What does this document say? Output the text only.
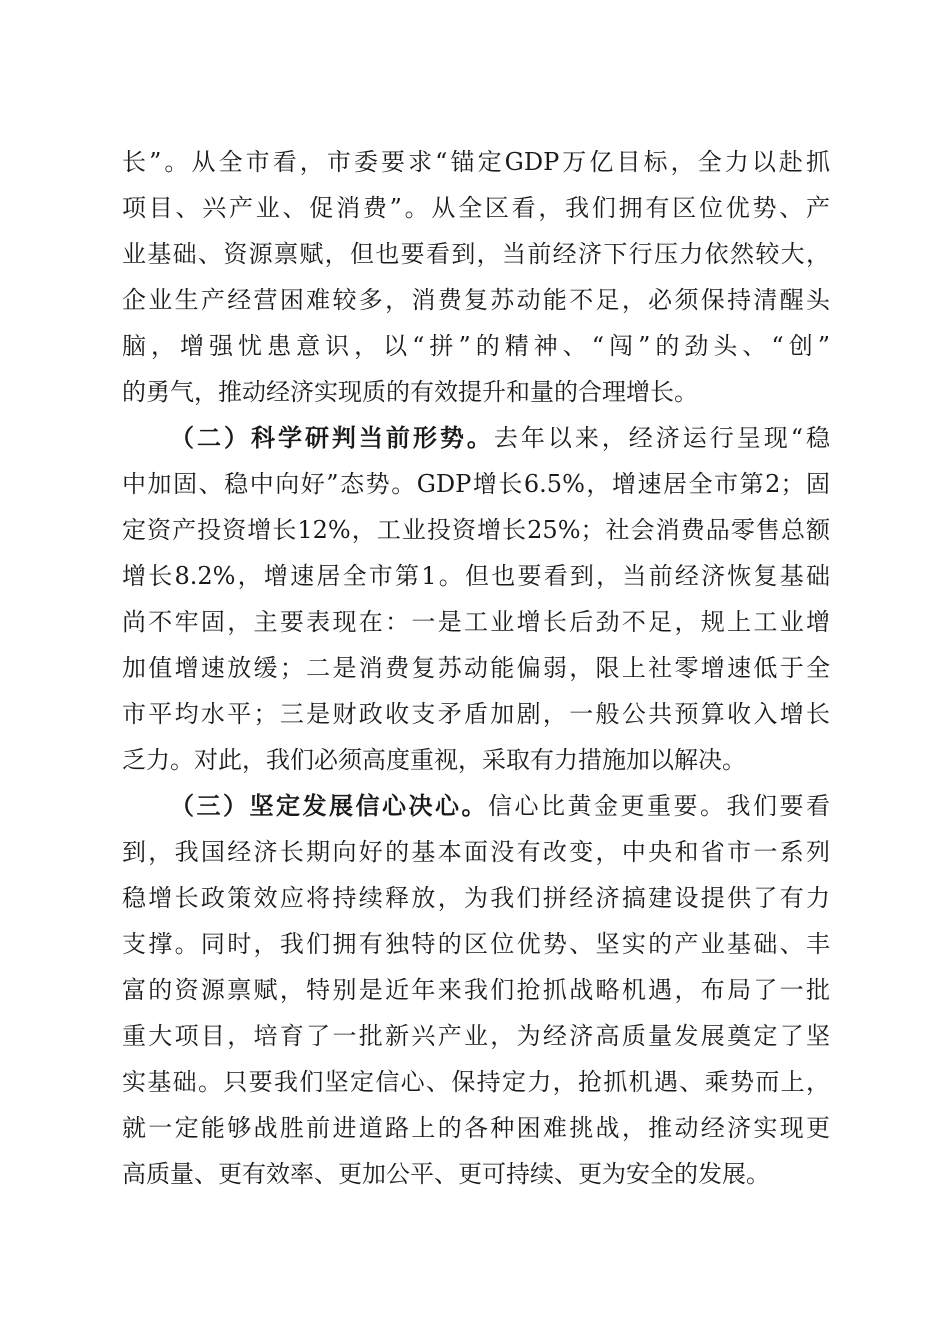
长”。从全市看，市委要求“锚定GDP万亿目标，全力以赴抓
项目、兴产业、促消费”。从全区看，我们拥有区位优势、产
业基础、资源禀赋，但也要看到，当前经济下行压力依然较大，
企业生产经营困难较多，消费复苏动能不足，必须保持清醒头
脑，增强忧患意识，以“拼”的精神、“闯”的劲头、“创”
的勇气，推动经济实现质的有效提升和量的合理增长。
（二）科学研判当前形势。去年以来，经济运行呈现“稳
中加固、稳中向好”态势。GDP增长6.5%，增速居全市第2；固
定资产投资增长12%，工业投资增长25%；社会消费品零售总额
增长8.2%，增速居全市第1。但也要看到，当前经济恢复基础
尚不牢固，主要表现在：一是工业增长后劲不足，规上工业增
加值增速放缓；二是消费复苏动能偏弱，限上社零增速低于全
市平均水平；三是财政收支矛盾加剧，一般公共预算收入增长
乏力。对此，我们必须高度重视，采取有力措施加以解决。
（三）坚定发展信心决心。信心比黄金更重要。我们要看
到，我国经济长期向好的基本面没有改变，中央和省市一系列
稳增长政策效应将持续释放，为我们拼经济搞建设提供了有力
支撑。同时，我们拥有独特的区位优势、坚实的产业基础、丰
富的资源禀赋，特别是近年来我们抢抓战略机遇，布局了一批
重大项目，培育了一批新兴产业，为经济高质量发展奠定了坚
实基础。只要我们坚定信心、保持定力，抢抓机遇、乘势而上，
就一定能够战胜前进道路上的各种困难挑战，推动经济实现更
高质量、更有效率、更加公平、更可持续、更为安全的发展。
